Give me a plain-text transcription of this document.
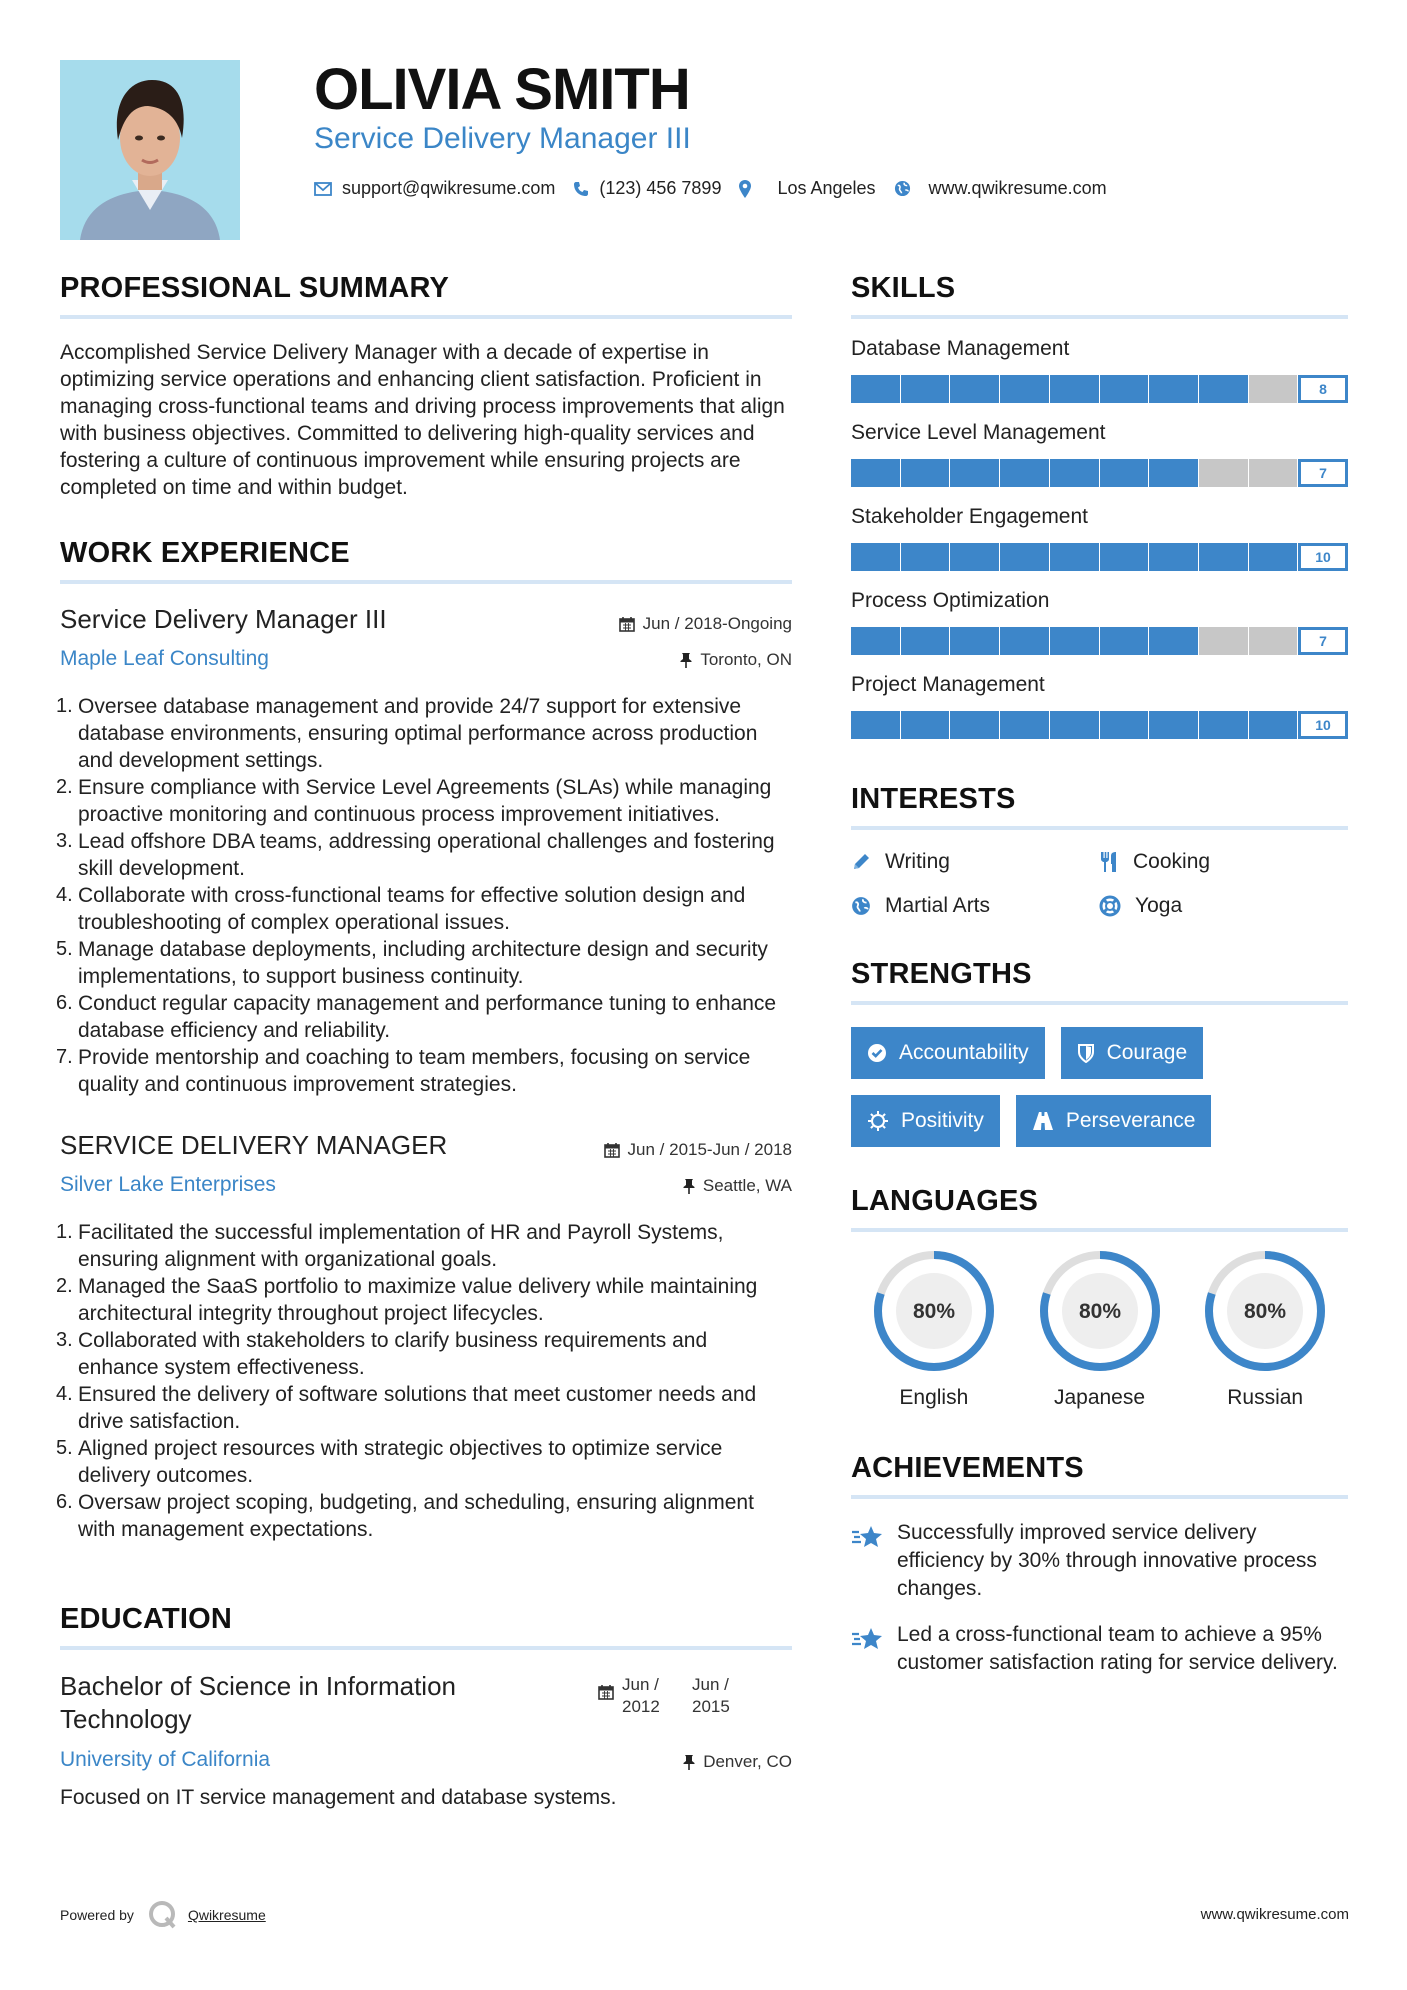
OLIVIA SMITH
Service Delivery Manager III
support@qwikresume.com (123) 456 7899	Los Angeles	www.qwikresume.com
PROFESSIONAL SUMMARY
Accomplished Service Delivery Manager with a decade of expertise in optimizing service operations and enhancing client satisfaction. Proficient in managing cross-functional teams and driving process improvements that align with business objectives. Committed to delivering high-quality services and fostering a culture of continuous improvement while ensuring projects are completed on time and within budget.
WORK EXPERIENCE
Service Delivery Manager III
Maple Leaf Consulting
Jun / 2018-Ongoing
Toronto, ON
Oversee database management and provide 24/7 support for extensive database environments, ensuring optimal performance across production and development settings.
Ensure compliance with Service Level Agreements (SLAs) while managing proactive monitoring and continuous process improvement initiatives.
Lead offshore DBA teams, addressing operational challenges and fostering skill development.
Collaborate with cross-functional teams for effective solution design and troubleshooting of complex operational issues.
Manage database deployments, including architecture design and security implementations, to support business continuity.
Conduct regular capacity management and performance tuning to enhance database efficiency and reliability.
Provide mentorship and coaching to team members, focusing on service quality and continuous improvement strategies.
SERVICE DELIVERY MANAGER
Silver Lake Enterprises
Jun / 2015-Jun / 2018
Seattle, WA
Facilitated the successful implementation of HR and Payroll Systems, ensuring alignment with organizational goals.
Managed the SaaS portfolio to maximize value delivery while maintaining architectural integrity throughout project lifecycles.
Collaborated with stakeholders to clarify business requirements and enhance system effectiveness.
Ensured the delivery of software solutions that meet customer needs and drive satisfaction.
Aligned project resources with strategic objectives to optimize service delivery outcomes.
Oversaw project scoping, budgeting, and scheduling, ensuring alignment with management expectations.
EDUCATION
Bachelor of Science in Information Technology
University of California
Focused on IT service management and database systems.
Jun / 2012
Jun / 2015
Denver, CO
SKILLS
Database Management
8
Service Level Management
7
Stakeholder Engagement
10
Process Optimization
7
Project Management
10
INTERESTS
Writing	Cooking
Martial Arts	Yoga
STRENGTHS
Accountability	Courage
Positivity	Perseverance
LANGUAGES
80%
English
80%
Japanese
80%
Russian
ACHIEVEMENTS
Successfully improved service delivery efficiency by 30% through innovative process changes.
Led a cross-functional team to achieve a 95% customer satisfaction rating for service delivery.
Powered by	Qwikresume	www.qwikresume.com
